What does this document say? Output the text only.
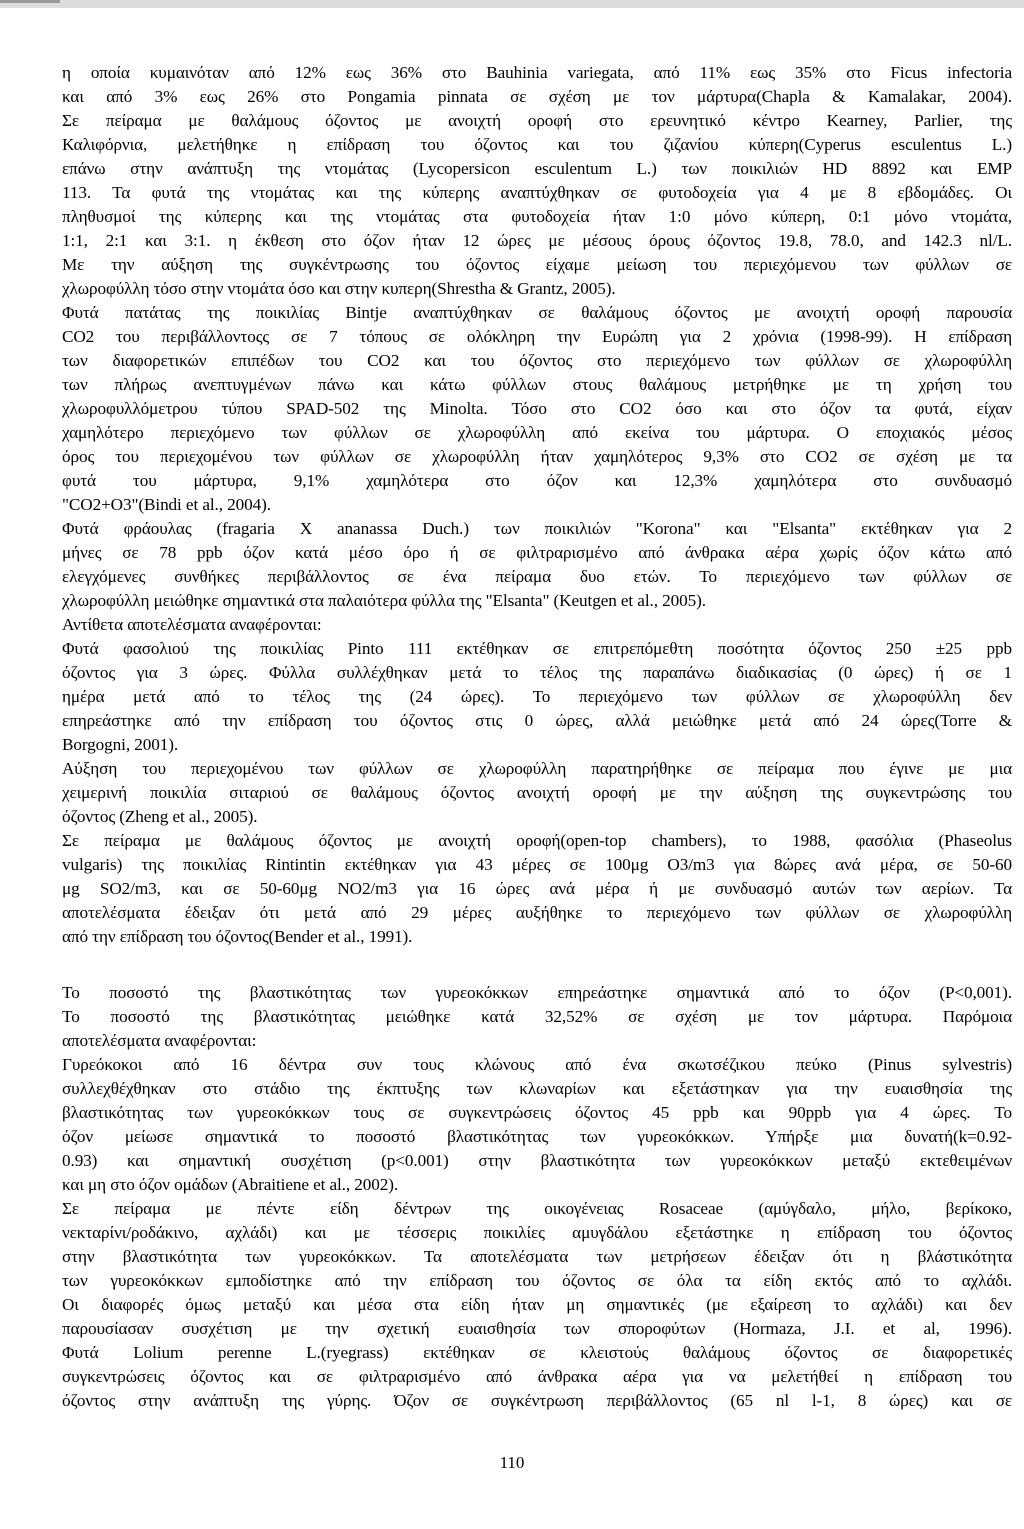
η οποία κυμαινόταν από 12% εως 36% στο Bauhinia variegata, από 11% εως 35% στο Ficus infectoria
και από 3% εως 26% στο Pongamia pinnata σε σχέση με τον μάρτυρα(Chapla & Kamalakar, 2004).
Σε πείραμα με θαλάμους όζοντος με ανοιχτή οροφή στο ερευνητικό κέντρο Kearney, Parlier, της
Καλιφόρνια, μελετήθηκε η επίδραση του όζοντος και του ζιζανίου κύπερη(Cyperus esculentus L.)
επάνω στην ανάπτυξη της ντομάτας (Lycopersicon esculentum L.) των ποικιλιών HD 8892 και EMP
113. Τα φυτά της ντομάτας και της κύπερης αναπτύχθηκαν σε φυτοδοχεία για 4 με 8 εβδομάδες. Οι
πληθυσμοί της κύπερης και της ντομάτας στα φυτοδοχεία ήταν 1:0 μόνο κύπερη, 0:1 μόνο ντομάτα,
1:1, 2:1 και 3:1. η έκθεση στο όζον ήταν 12 ώρες με μέσους όρους όζοντος 19.8, 78.0, and 142.3 nl/L.
Με την αύξηση της συγκέντρωσης του όζοντος είχαμε μείωση του περιεχόμενου των φύλλων σε
χλωροφύλλη τόσο στην ντομάτα όσο και στην κυπερη(Shrestha & Grantz, 2005).
Φυτά πατάτας της ποικιλίας Bintje αναπτύχθηκαν σε θαλάμους όζοντος με ανοιχτή οροφή παρουσία
CO2 του περιβάλλοντοςς σε 7 τόπους σε ολόκληρη την Ευρώπη για 2 χρόνια (1998-99). Η επίδραση
των διαφορετικών επιπέδων του CO2 και του όζοντος στο περιεχόμενο των φύλλων σε χλωροφύλλη
των πλήρως ανεπτυγμένων πάνω και κάτω φύλλων στους θαλάμους μετρήθηκε με τη χρήση του
χλωροφυλλόμετρου τύπου SPAD-502 της Minolta. Τόσο στο CO2 όσο και στο όζον τα φυτά, είχαν
χαμηλότερο περιεχόμενο των φύλλων σε χλωροφύλλη από εκείνα του μάρτυρα. Ο εποχιακός μέσος
όρος του περιεχομένου των φύλλων σε χλωροφύλλη ήταν χαμηλότερος 9,3% στο CO2 σε σχέση με τα
φυτά του μάρτυρα, 9,1% χαμηλότερα στο όζον και 12,3% χαμηλότερα στο συνδυασμό
"CO2+O3"(Bindi et al., 2004).
Φυτά φράουλας (fragaria X ananassa Duch.) των ποικιλιών "Korona" και "Elsanta" εκτέθηκαν για 2
μήνες σε 78 ppb όζον κατά μέσο όρο ή σε φιλτραρισμένο από άνθρακα αέρα χωρίς όζον κάτω από
ελεγχόμενες συνθήκες περιβάλλοντος σε ένα πείραμα δυο ετών. Το περιεχόμενο των φύλλων σε
χλωροφύλλη μειώθηκε σημαντικά στα παλαιότερα φύλλα της "Elsanta" (Keutgen et al., 2005).
Αντίθετα αποτελέσματα αναφέρονται:
Φυτά φασολιού της ποικιλίας Pinto 111 εκτέθηκαν σε επιτρεπόμεθτη ποσότητα όζοντος 250 ±25 ppb
όζοντος για 3 ώρες. Φύλλα συλλέχθηκαν μετά το τέλος της παραπάνω διαδικασίας (0 ώρες) ή σε 1
ημέρα μετά από το τέλος της (24 ώρες). Το περιεχόμενο των φύλλων σε χλωροφύλλη δεν
επηρεάστηκε από την επίδραση του όζοντος στις 0 ώρες, αλλά μειώθηκε μετά από 24 ώρες(Torre &
Borgogni, 2001).
Αύξηση του περιεχομένου των φύλλων σε χλωροφύλλη παρατηρήθηκε σε πείραμα που έγινε με μια
χειμερινή ποικιλία σιταριού σε θαλάμους όζοντος ανοιχτή οροφή με την αύξηση της συγκεντρώσης του
όζοντος (Zheng et al., 2005).
Σε πείραμα με θαλάμους όζοντος με ανοιχτή οροφή(open-top chambers), το 1988, φασόλια (Phaseolus
vulgaris) της ποικιλίας Rintintin εκτέθηκαν για 43 μέρες σε 100μg O3/m3 για 8ώρες ανά μέρα, σε 50-60
μg SO2/m3, και σε 50-60μg NO2/m3 για 16 ώρες ανά μέρα ή με συνδυασμό αυτών των αερίων. Τα
αποτελέσματα έδειξαν ότι μετά από 29 μέρες αυξήθηκε το περιεχόμενο των φύλλων σε χλωροφύλλη
από την επίδραση του όζοντος(Bender et al., 1991).
Το ποσοστό της βλαστικότητας των γυρεοκόκκων επηρεάστηκε σημαντικά από το όζον (P<0,001).
Το ποσοστό της βλαστικότητας μειώθηκε κατά 32,52% σε σχέση με τον μάρτυρα. Παρόμοια
αποτελέσματα αναφέρονται:
Γυρεόκοκοι από 16 δέντρα συν τους κλώνους από ένα σκωτσέζικου πεύκο (Pinus sylvestris)
συλλεχθέχθηκαν στο στάδιο της έκπτυξης των κλωναρίων και εξετάστηκαν για την ευαισθησία της
βλαστικότητας των γυρεοκόκκων τους σε συγκεντρώσεις όζοντος 45 ppb και 90ppb για 4 ώρες. Το
όζον μείωσε σημαντικά το ποσοστό βλαστικότητας των γυρεοκόκκων. Υπήρξε μια δυνατή(k=0.92-
0.93) και σημαντική συσχέτιση (p<0.001) στην βλαστικότητα των γυρεοκόκκων μεταξύ εκτεθειμένων
και μη στο όζον ομάδων (Abraitiene et al., 2002).
Σε πείραμα με πέντε είδη δέντρων της οικογένειας Rosaceae (αμύγδαλο, μήλο, βερίκοκο,
νεκταρίνι/ροδάκινο, αχλάδι) και με τέσσερις ποικιλίες αμυγδάλου εξετάστηκε η επίδραση του όζοντος
στην βλαστικότητα των γυρεοκόκκων. Τα αποτελέσματα των μετρήσεων έδειξαν ότι η βλάστικότητα
των γυρεοκόκκων εμποδίστηκε από την επίδραση του όζοντος σε όλα τα είδη εκτός από το αχλάδι.
Οι διαφορές όμως μεταξύ και μέσα στα είδη ήταν μη σημαντικές (με εξαίρεση το αχλάδι) και δεν
παρουσίασαν συσχέτιση με την σχετική ευαισθησία των σποροφύτων (Hormaza, J.I. et al, 1996).
Φυτά Lolium perenne L.(ryegrass) εκτέθηκαν σε κλειστούς θαλάμους όζοντος σε διαφορετικές
συγκεντρώσεις όζοντος και σε φιλτραρισμένο από άνθρακα αέρα για να μελετήθεί η επίδραση του
όζοντος στην ανάπτυξη της γύρης. Όζον σε συγκέντρωση περιβάλλοντος (65 nl l-1, 8 ώρες) και σε
110
